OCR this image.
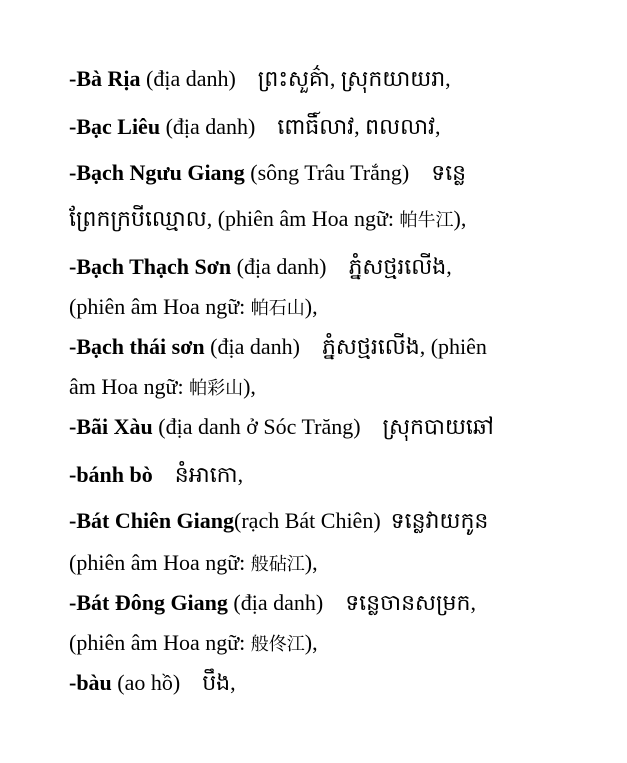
-Bà Rịa (địa danh) ព្រះសួគ៌ា, ស្រុកយាយរា,
-Bạc Liêu (địa danh) ពោធិ៍លាវ, ពលលាវ,
-Bạch Ngưu Giang (sông Trâu Trắng) ទន្លេ
ព្រែកក្របីឈ្មោល, (phiên âm Hoa ngữ: 帕牛江),
-Bạch Thạch Sơn (địa danh) ភ្នំសថ្មរលើង,
(phiên âm Hoa ngữ: 帕石山),
-Bạch thái sơn (địa danh) ភ្នំសថ្មរលើង, (phiên
âm Hoa ngữ: 帕彩山),
-Bãi Xàu (địa danh ở Sóc Trăng) ស្រុកបាយឆៅ
-bánh bò នំអាកោ,
-Bát Chiên Giang(rạch Bát Chiên) ទន្លេវាយកូន
(phiên âm Hoa ngữ: 般砧江),
-Bát Đông Giang (địa danh) ទន្លេចានសម្រក,
(phiên âm Hoa ngữ: 般佟江),
-bàu (ao hồ) បឹង,
